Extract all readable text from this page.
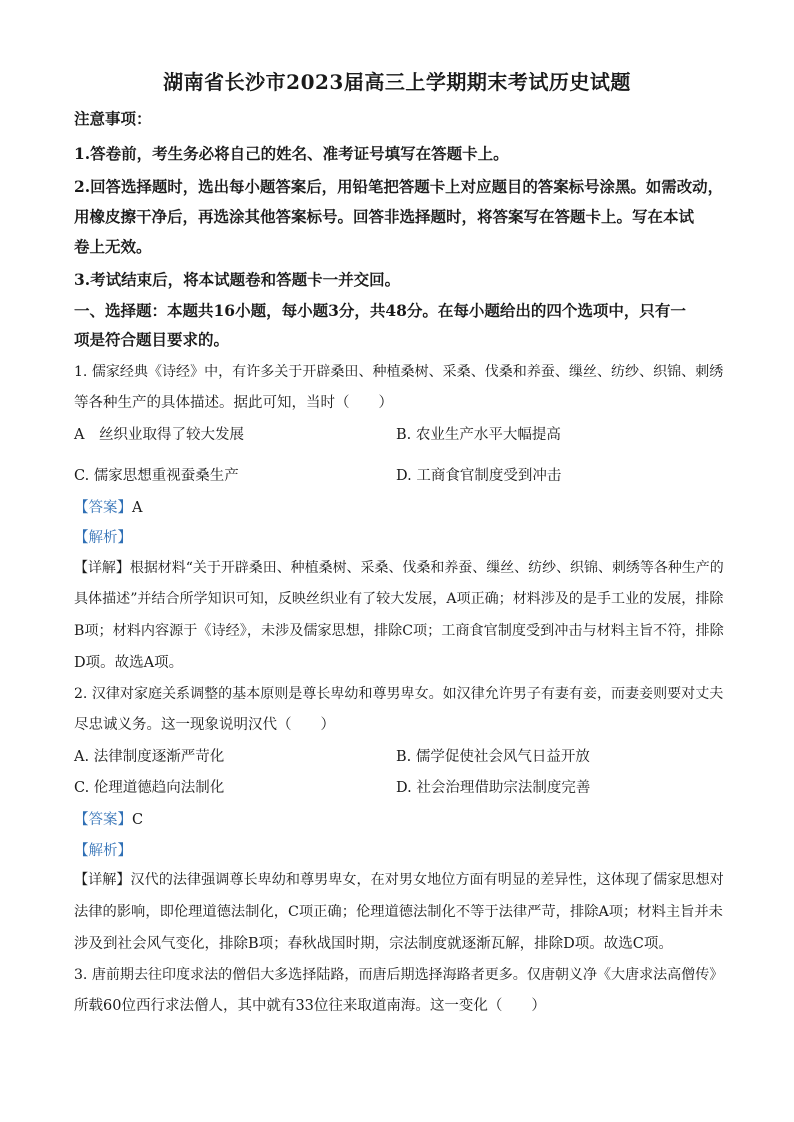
湖南省长沙市2023届高三上学期期末考试历史试题
注意事项：
1.答卷前，考生务必将自己的姓名、准考证号填写在答题卡上。
2.回答选择题时，选出每小题答案后，用铅笔把答题卡上对应题目的答案标号涂黑。如需改动，
用橡皮擦干净后，再选涂其他答案标号。回答非选择题时，将答案写在答题卡上。写在本试
卷上无效。
3.考试结束后，将本试题卷和答题卡一并交回。
一、选择题：本题共16小题，每小题3分，共48分。在每小题给出的四个选项中，只有一
项是符合题目要求的。
1. 儒家经典《诗经》中，有许多关于开辟桑田、种植桑树、采桑、伐桑和养蚕、缫丝、纺纱、织锦、刺绣
等各种生产的具体描述。据此可知，当时（　　）
A　丝织业取得了较大发展	B. 农业生产水平大幅提高
C. 儒家思想重视蚕桑生产	D. 工商食官制度受到冲击
【答案】A
【解析】
【详解】根据材料“关于开辟桑田、种植桑树、采桑、伐桑和养蚕、缫丝、纺纱、织锦、刺绣等各种生产的
具体描述”并结合所学知识可知，反映丝织业有了较大发展，A项正确；材料涉及的是手工业的发展，排除
B项；材料内容源于《诗经》，未涉及儒家思想，排除C项；工商食官制度受到冲击与材料主旨不符，排除
D项。故选A项。
2. 汉律对家庭关系调整的基本原则是尊长卑幼和尊男卑女。如汉律允许男子有妻有妾，而妻妾则要对丈夫
尽忠诚义务。这一现象说明汉代（　　）
A. 法律制度逐渐严苛化	B. 儒学促使社会风气日益开放
C. 伦理道德趋向法制化	D. 社会治理借助宗法制度完善
【答案】C
【解析】
【详解】汉代的法律强调尊长卑幼和尊男卑女，在对男女地位方面有明显的差异性，这体现了儒家思想对
法律的影响，即伦理道德法制化，C项正确；伦理道德法制化不等于法律严苛，排除A项；材料主旨并未
涉及到社会风气变化，排除B项；春秋战国时期，宗法制度就逐渐瓦解，排除D项。故选C项。
3. 唐前期去往印度求法的僧侣大多选择陆路，而唐后期选择海路者更多。仅唐朝义净《大唐求法高僧传》
所载60位西行求法僧人，其中就有33位往来取道南海。这一变化（　　）
